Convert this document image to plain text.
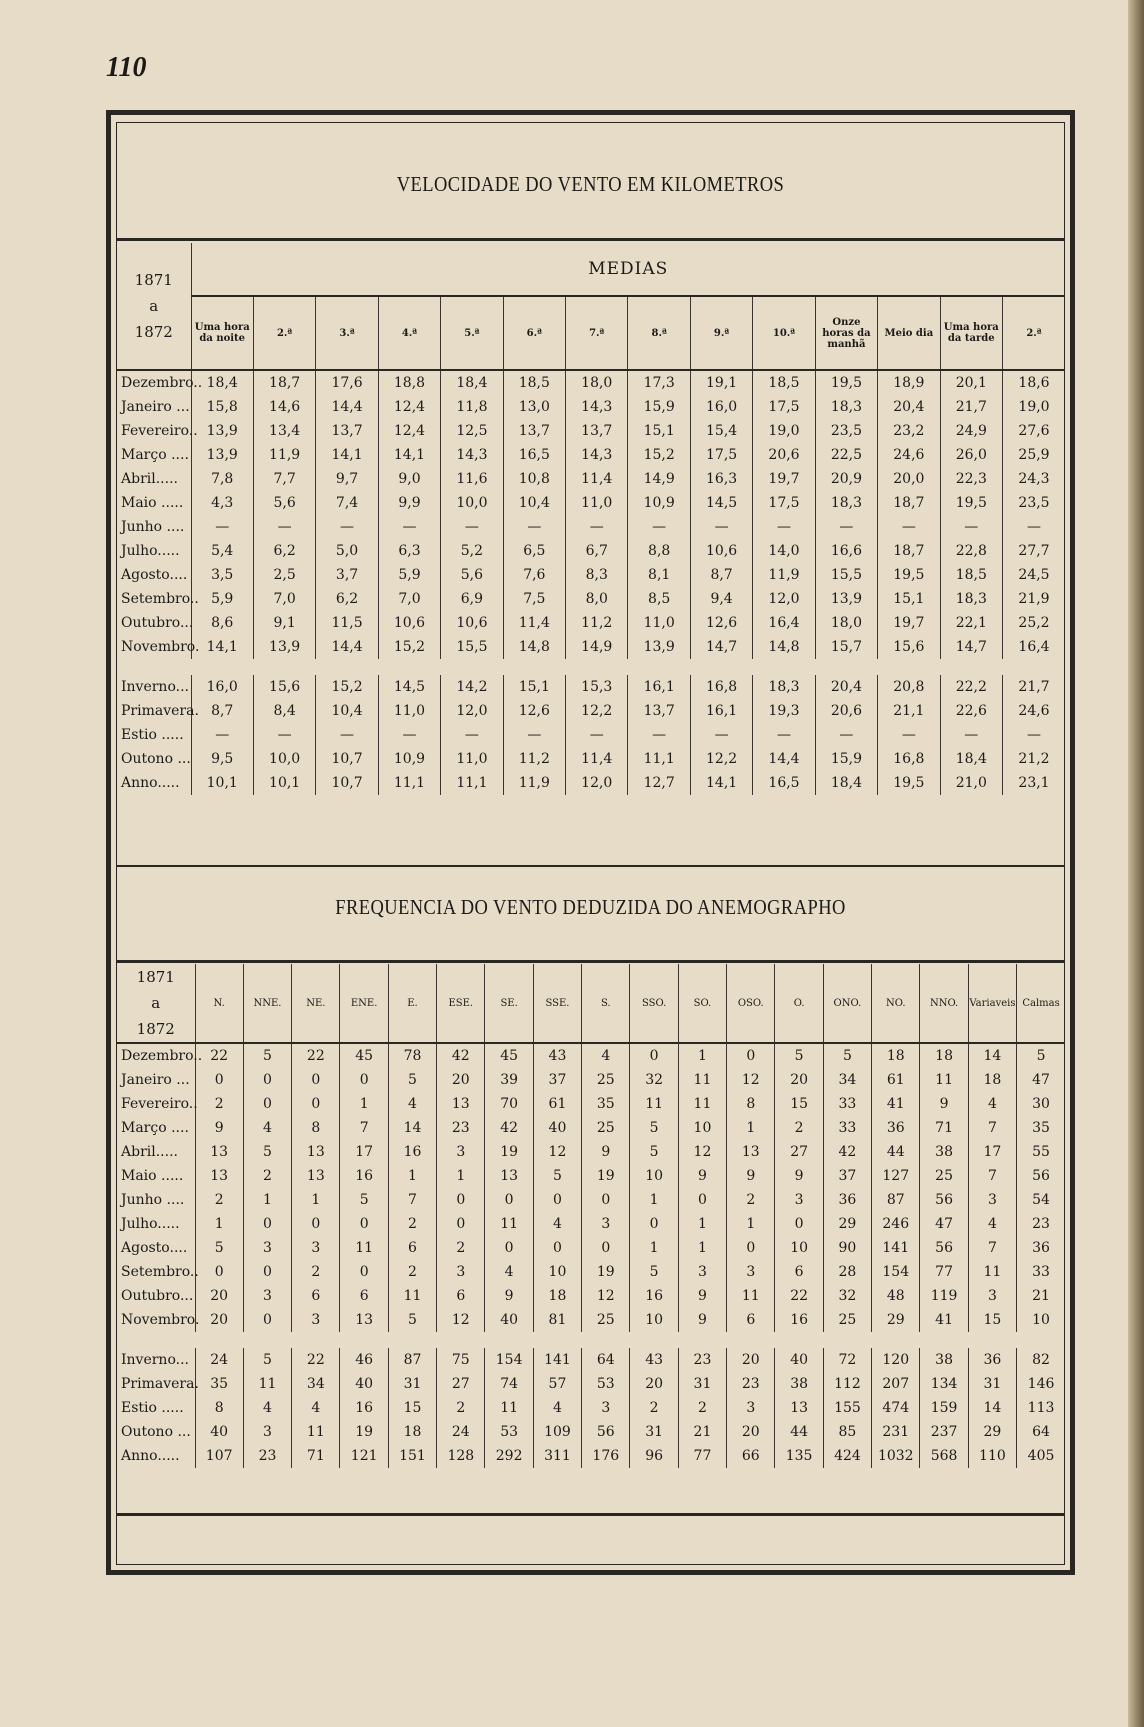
110
VELOCIDADE DO VENTO EM KILOMETROS
1871
a
1872	MEDIAS													
	Uma hora da noite	2.ª	3.ª	4.ª	5.ª	6.ª	7.ª	8.ª	9.ª	10.ª	Onze horas da manhã	Meio dia	Uma hora da tarde	2.ª
Dezembro..	18,4	18,7	17,6	18,8	18,4	18,5	18,0	17,3	19,1	18,5	19,5	18,9	20,1	18,6
Janeiro ...	15,8	14,6	14,4	12,4	11,8	13,0	14,3	15,9	16,0	17,5	18,3	20,4	21,7	19,0
Fevereiro..	13,9	13,4	13,7	12,4	12,5	13,7	13,7	15,1	15,4	19,0	23,5	23,2	24,9	27,6
Março ....	13,9	11,9	14,1	14,1	14,3	16,5	14,3	15,2	17,5	20,6	22,5	24,6	26,0	25,9
Abril.....	7,8	7,7	9,7	9,0	11,6	10,8	11,4	14,9	16,3	19,7	20,9	20,0	22,3	24,3
Maio .....	4,3	5,6	7,4	9,9	10,0	10,4	11,0	10,9	14,5	17,5	18,3	18,7	19,5	23,5
Junho ....	—	—	—	—	—	—	—	—	—	—	—	—	—	—
Julho.....	5,4	6,2	5,0	6,3	5,2	6,5	6,7	8,8	10,6	14,0	16,6	18,7	22,8	27,7
Agosto....	3,5	2,5	3,7	5,9	5,6	7,6	8,3	8,1	8,7	11,9	15,5	19,5	18,5	24,5
Setembro..	5,9	7,0	6,2	7,0	6,9	7,5	8,0	8,5	9,4	12,0	13,9	15,1	18,3	21,9
Outubro...	8,6	9,1	11,5	10,6	10,6	11,4	11,2	11,0	12,6	16,4	18,0	19,7	22,1	25,2
Novembro.	14,1	13,9	14,4	15,2	15,5	14,8	14,9	13,9	14,7	14,8	15,7	15,6	14,7	16,4

Inverno...	16,0	15,6	15,2	14,5	14,2	15,1	15,3	16,1	16,8	18,3	20,4	20,8	22,2	21,7
Primavera.	8,7	8,4	10,4	11,0	12,0	12,6	12,2	13,7	16,1	19,3	20,6	21,1	22,6	24,6
Estio .....	—	—	—	—	—	—	—	—	—	—	—	—	—	—
Outono ...	9,5	10,0	10,7	10,9	11,0	11,2	11,4	11,1	12,2	14,4	15,9	16,8	18,4	21,2
Anno.....	10,1	10,1	10,7	11,1	11,1	11,9	12,0	12,7	14,1	16,5	18,4	19,5	21,0	23,1
FREQUENCIA DO VENTO DEDUZIDA DO ANEMOGRAPHO
1871
a
1872	N.	NNE.	NE.	ENE.	E.	ESE.	SE.	SSE.	S.	SSO.	SO.	OSO.	O.	ONO.	NO.	NNO.	Variaveis	Calmas
Dezembro..	22	5	22	45	78	42	45	43	4	0	1	0	5	5	18	18	14	5
Janeiro ...	0	0	0	0	5	20	39	37	25	32	11	12	20	34	61	11	18	47
Fevereiro..	2	0	0	1	4	13	70	61	35	11	11	8	15	33	41	9	4	30
Março ....	9	4	8	7	14	23	42	40	25	5	10	1	2	33	36	71	7	35
Abril.....	13	5	13	17	16	3	19	12	9	5	12	13	27	42	44	38	17	55
Maio .....	13	2	13	16	1	1	13	5	19	10	9	9	9	37	127	25	7	56
Junho ....	2	1	1	5	7	0	0	0	0	1	0	2	3	36	87	56	3	54
Julho.....	1	0	0	0	2	0	11	4	3	0	1	1	0	29	246	47	4	23
Agosto....	5	3	3	11	6	2	0	0	0	1	1	0	10	90	141	56	7	36
Setembro..	0	0	2	0	2	3	4	10	19	5	3	3	6	28	154	77	11	33
Outubro...	20	3	6	6	11	6	9	18	12	16	9	11	22	32	48	119	3	21
Novembro.	20	0	3	13	5	12	40	81	25	10	9	6	16	25	29	41	15	10

Inverno...	24	5	22	46	87	75	154	141	64	43	23	20	40	72	120	38	36	82
Primavera.	35	11	34	40	31	27	74	57	53	20	31	23	38	112	207	134	31	146
Estio .....	8	4	4	16	15	2	11	4	3	2	2	3	13	155	474	159	14	113
Outono ...	40	3	11	19	18	24	53	109	56	31	21	20	44	85	231	237	29	64
Anno.....	107	23	71	121	151	128	292	311	176	96	77	66	135	424	1032	568	110	405
